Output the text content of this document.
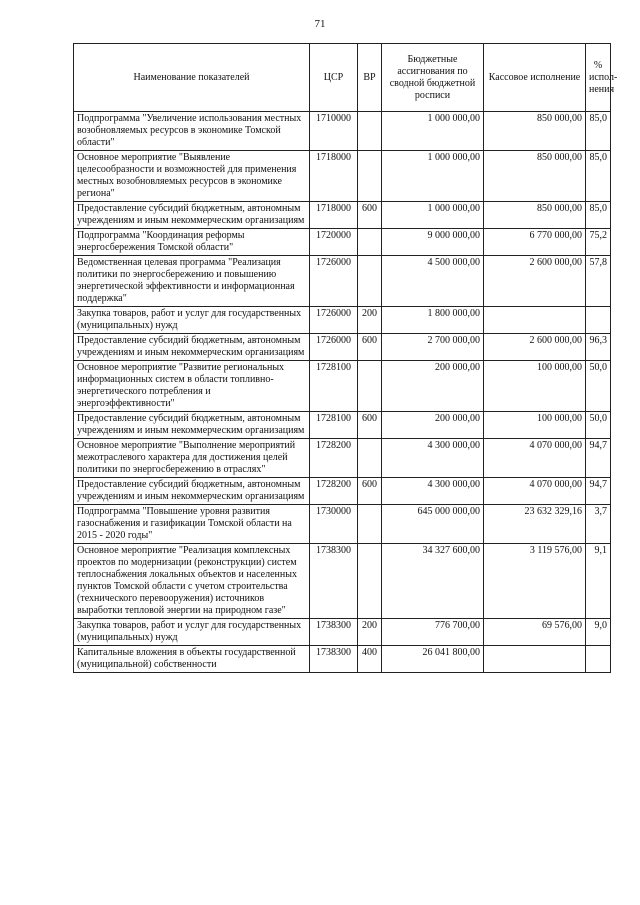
71
Наименование показателей	ЦСР	ВР	Бюджетные ассигнования по сводной бюджетной росписи	Кассовое исполнение	% испол-нения
Подпрограмма "Увеличение использования местных возобновляемых ресурсов в экономике Томской области"	1710000		1 000 000,00	850 000,00	85,0
Основное мероприятие "Выявление целесообразности и возможностей для применения местных возобновляемых ресурсов в экономике региона"	1718000		1 000 000,00	850 000,00	85,0
Предоставление субсидий бюджетным, автономным учреждениям и иным некоммерческим организациям	1718000	600	1 000 000,00	850 000,00	85,0
Подпрограмма "Координация реформы энергосбережения Томской области"	1720000		9 000 000,00	6 770 000,00	75,2
Ведомственная целевая программа "Реализация политики по энергосбережению и повышению энергетической эффективности и информационная поддержка"	1726000		4 500 000,00	2 600 000,00	57,8
Закупка товаров, работ и услуг для государственных (муниципальных) нужд	1726000	200	1 800 000,00		
Предоставление субсидий бюджетным, автономным учреждениям и иным некоммерческим организациям	1726000	600	2 700 000,00	2 600 000,00	96,3
Основное мероприятие "Развитие региональных информационных систем в области топливно-энергетического потребления и энергоэффективности"	1728100		200 000,00	100 000,00	50,0
Предоставление субсидий бюджетным, автономным учреждениям и иным некоммерческим организациям	1728100	600	200 000,00	100 000,00	50,0
Основное мероприятие "Выполнение мероприятий межотраслевого характера для достижения целей политики по энергосбережению в отраслях"	1728200		4 300 000,00	4 070 000,00	94,7
Предоставление субсидий бюджетным, автономным учреждениям и иным некоммерческим организациям	1728200	600	4 300 000,00	4 070 000,00	94,7
Подпрограмма "Повышение уровня развития газоснабжения и газификации Томской области на 2015 - 2020 годы"	1730000		645 000 000,00	23 632 329,16	3,7
Основное мероприятие "Реализация комплексных проектов по модернизации (реконструкции) систем теплоснабжения локальных объектов и населенных пунктов Томской области с учетом строительства (технического перевооружения) источников выработки тепловой энергии на природном газе"	1738300		34 327 600,00	3 119 576,00	9,1
Закупка товаров, работ и услуг для государственных (муниципальных) нужд	1738300	200	776 700,00	69 576,00	9,0
Капитальные вложения в объекты государственной (муниципальной) собственности	1738300	400	26 041 800,00		
